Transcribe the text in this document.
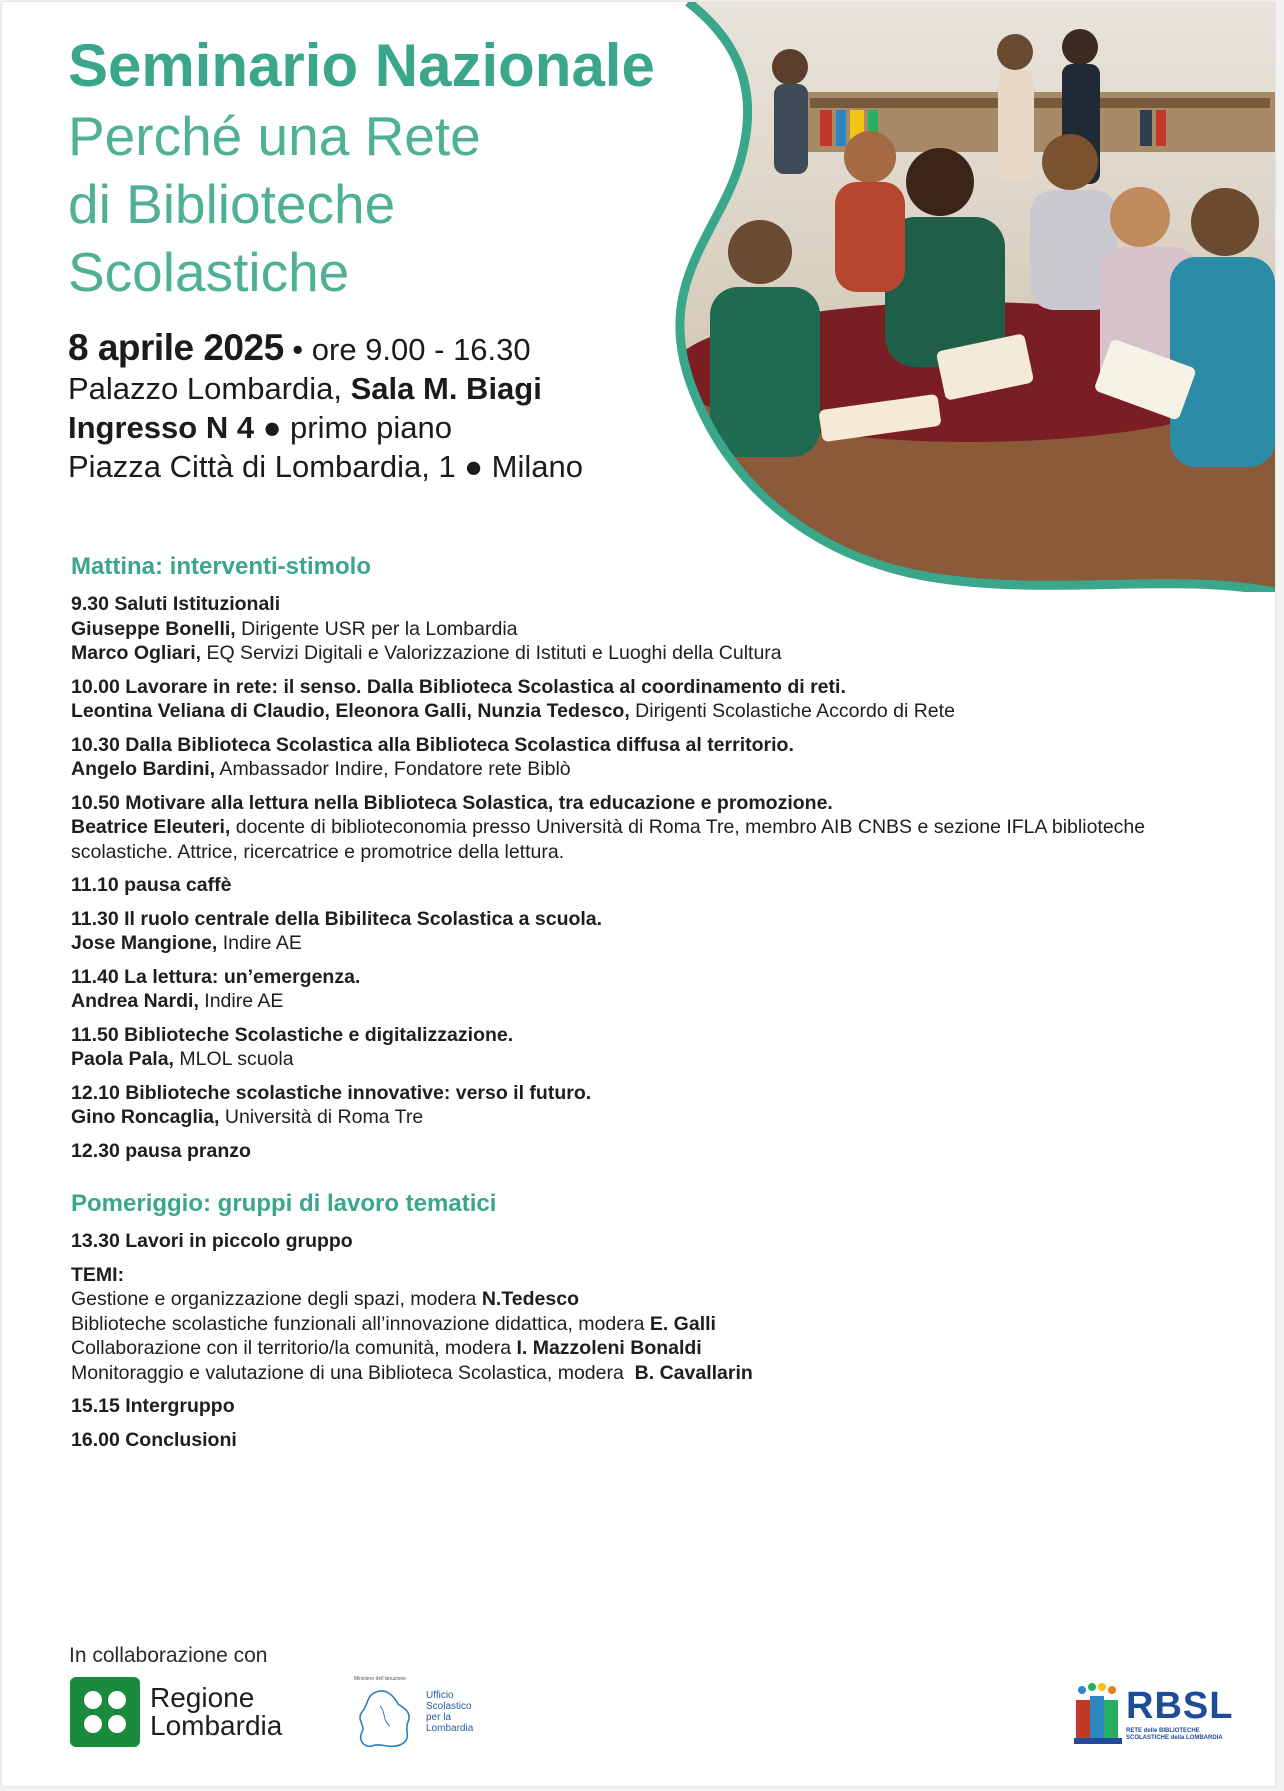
Seminario Nazionale
Perché una Rete
di Biblioteche
Scolastiche
8 aprile 2025 • ore 9.00 - 16.30
Palazzo Lombardia, Sala M. Biagi
Ingresso N 4 ● primo piano
Piazza Città di Lombardia, 1 ● Milano
Mattina: interventi-stimolo
9.30 Saluti Istituzionali
Giuseppe Bonelli, Dirigente USR per la Lombardia
Marco Ogliari, EQ Servizi Digitali e Valorizzazione di Istituti e Luoghi della Cultura
10.00 Lavorare in rete: il senso. Dalla Biblioteca Scolastica al coordinamento di reti.
Leontina Veliana di Claudio, Eleonora Galli, Nunzia Tedesco, Dirigenti Scolastiche Accordo di Rete
10.30 Dalla Biblioteca Scolastica alla Biblioteca Scolastica diffusa al territorio.
Angelo Bardini, Ambassador Indire, Fondatore rete Biblò
10.50 Motivare alla lettura nella Biblioteca Solastica, tra educazione e promozione.
Beatrice Eleuteri, docente di biblioteconomia presso Università di Roma Tre, membro AIB CNBS e sezione IFLA biblioteche scolastiche. Attrice, ricercatrice e promotrice della lettura.
11.10 pausa caffè
11.30 Il ruolo centrale della Bibiliteca Scolastica a scuola.
Jose Mangione, Indire AE
11.40 La lettura: un’emergenza.
Andrea Nardi, Indire AE
11.50 Biblioteche Scolastiche e digitalizzazione.
Paola Pala, MLOL scuola
12.10 Biblioteche scolastiche innovative: verso il futuro.
Gino Roncaglia, Università di Roma Tre
12.30 pausa pranzo
Pomeriggio: gruppi di lavoro tematici
13.30 Lavori in piccolo gruppo
TEMI:
Gestione e organizzazione degli spazi, modera N.Tedesco
Biblioteche scolastiche funzionali all’innovazione didattica, modera E. Galli
Collaborazione con il territorio/la comunità, modera I. Mazzoleni Bonaldi
Monitoraggio e valutazione di una Biblioteca Scolastica, modera  B. Cavallarin
15.15 Intergruppo
16.00 Conclusioni
In collaborazione con
Regione
Lombardia
Ministero dell’istruzione
Ufficio
Scolastico
per la
Lombardia
RBSL
RETE delle BIBLIOTECHE SCOLASTICHE della LOMBARDIA
